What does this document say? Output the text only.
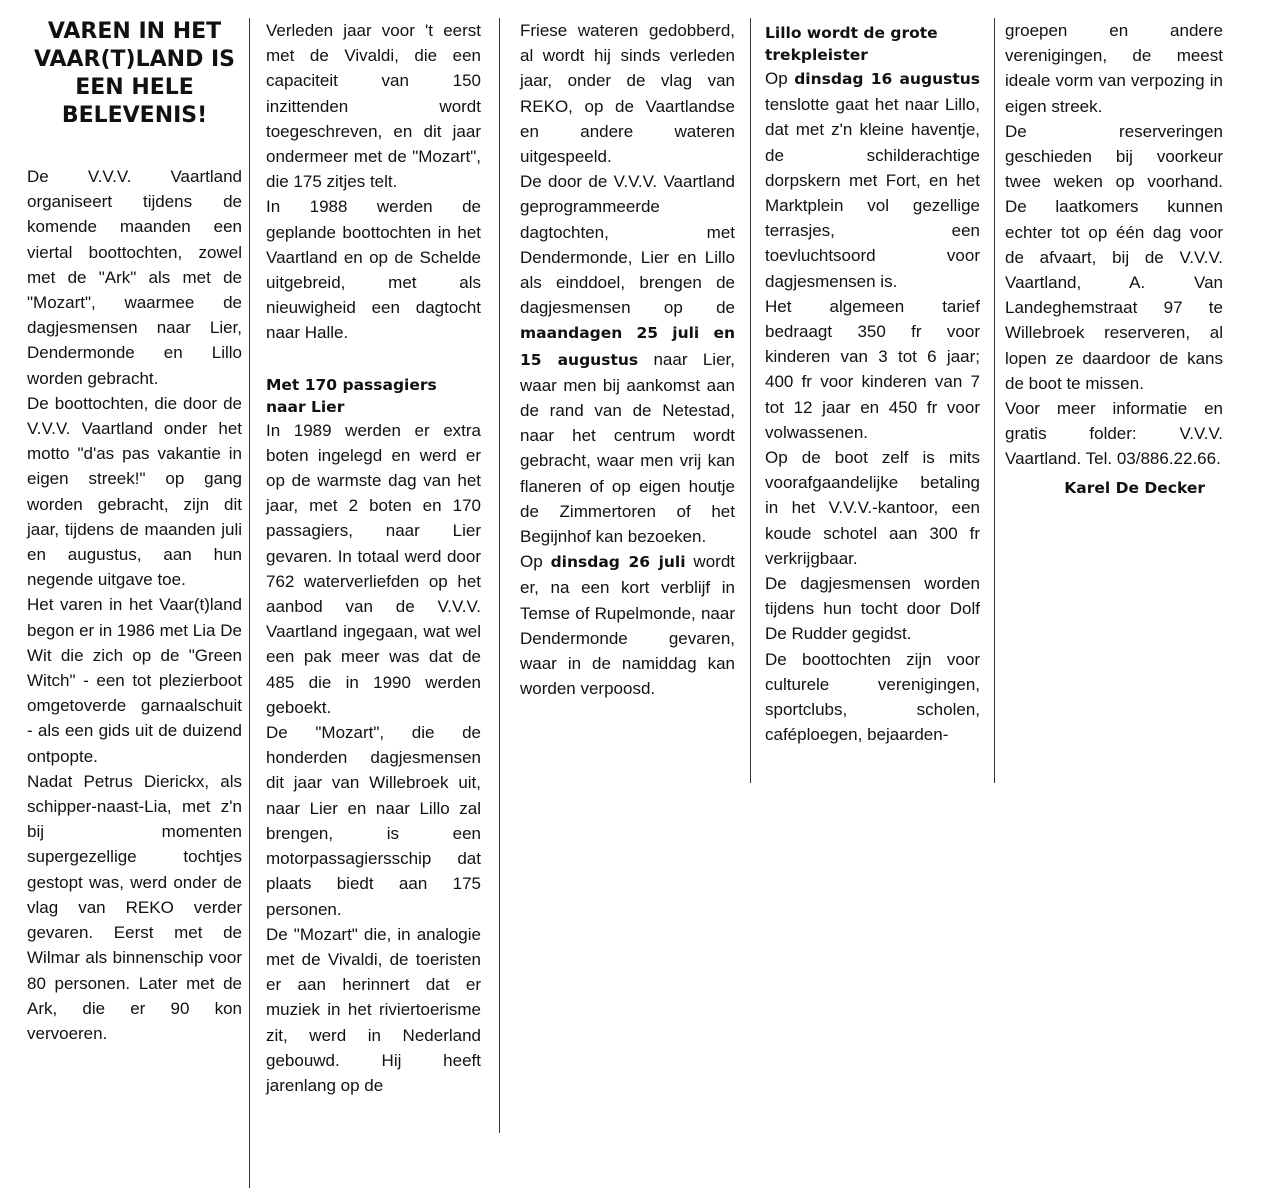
VAREN IN HET VAAR(T)LAND IS EEN HELE BELEVENIS!

De V.V.V. Vaartland organiseert tijdens de komende maanden een viertal boottochten, zowel met de "Ark" als met de "Mozart", waarmee de dagjesmensen naar Lier, Dendermonde en Lillo worden gebracht.

De boottochten, die door de V.V.V. Vaartland onder het motto "d'as pas vakantie in eigen streek!" op gang worden gebracht, zijn dit jaar, tijdens de maanden juli en augustus, aan hun negende uitgave toe.

Het varen in het Vaar(t)land begon er in 1986 met Lia De Wit die zich op de "Green Witch" - een tot plezierboot omgetoverde garnaalschuit - als een gids uit de duizend ontpopte.

Nadat Petrus Dierickx, als schipper-naast-Lia, met z'n bij momenten supergezellige tochtjes gestopt was, werd onder de vlag van REKO verder gevaren. Eerst met de Wilmar als binnenschip voor 80 personen. Later met de Ark, die er 90 kon vervoeren.

Verleden jaar voor 't eerst met de Vivaldi, die een capaciteit van 150 inzittenden wordt toegeschreven, en dit jaar ondermeer met de "Mozart", die 175 zitjes telt.

In 1988 werden de geplande boottochten in het Vaartland en op de Schelde uitgebreid, met als nieuwigheid een dagtocht naar Halle.

Met 170 passagiers naar Lier

In 1989 werden er extra boten ingelegd en werd er op de warmste dag van het jaar, met 2 boten en 170 passagiers, naar Lier gevaren. In totaal werd door 762 waterverliefden op het aanbod van de V.V.V. Vaartland ingegaan, wat wel een pak meer was dat de 485 die in 1990 werden geboekt.

De "Mozart", die de honderden dagjesmensen dit jaar van Willebroek uit, naar Lier en naar Lillo zal brengen, is een motorpassagiersschip dat plaats biedt aan 175 personen.

De "Mozart" die, in analogie met de Vivaldi, de toeristen er aan herinnert dat er muziek in het riviertoerisme zit, werd in Nederland gebouwd. Hij heeft jarenlang op de

Friese wateren gedobberd, al wordt hij sinds verleden jaar, onder de vlag van REKO, op de Vaartlandse en andere wateren uitgespeeld.

De door de V.V.V. Vaartland geprogrammeerde dagtochten, met Dendermonde, Lier en Lillo als einddoel, brengen de dagjesmensen op de maandagen 25 juli en 15 augustus naar Lier, waar men bij aankomst aan de rand van de Netestad, naar het centrum wordt gebracht, waar men vrij kan flaneren of op eigen houtje de Zimmertoren of het Begijnhof kan bezoeken.

Op dinsdag 26 juli wordt er, na een kort verblijf in Temse of Rupelmonde, naar Dendermonde gevaren, waar in de namiddag kan worden verpoosd.

Lillo wordt de grote trekpleister

Op dinsdag 16 augustus tenslotte gaat het naar Lillo, dat met z'n kleine haventje, de schilderachtige dorpskern met Fort, en het Marktplein vol gezellige terrasjes, een toevluchtsoord voor dagjesmensen is.

Het algemeen tarief bedraagt 350 fr voor kinderen van 3 tot 6 jaar; 400 fr voor kinderen van 7 tot 12 jaar en 450 fr voor volwassenen.

Op de boot zelf is mits voorafgaandelijke betaling in het V.V.V.-kantoor, een koude schotel aan 300 fr verkrijgbaar.

De dagjesmensen worden tijdens hun tocht door Dolf De Rudder gegidst.

De boottochten zijn voor culturele verenigingen, sportclubs, scholen, caféploegen, bejaarden-

groepen en andere verenigingen, de meest ideale vorm van verpozing in eigen streek.

De reserveringen geschieden bij voorkeur twee weken op voorhand. De laatkomers kunnen echter tot op één dag voor de afvaart, bij de V.V.V. Vaartland, A. Van Landeghemstraat 97 te Willebroek reserveren, al lopen ze daardoor de kans de boot te missen.

Voor meer informatie en gratis folder: V.V.V. Vaartland. Tel. 03/886.22.66.

Karel De Decker
